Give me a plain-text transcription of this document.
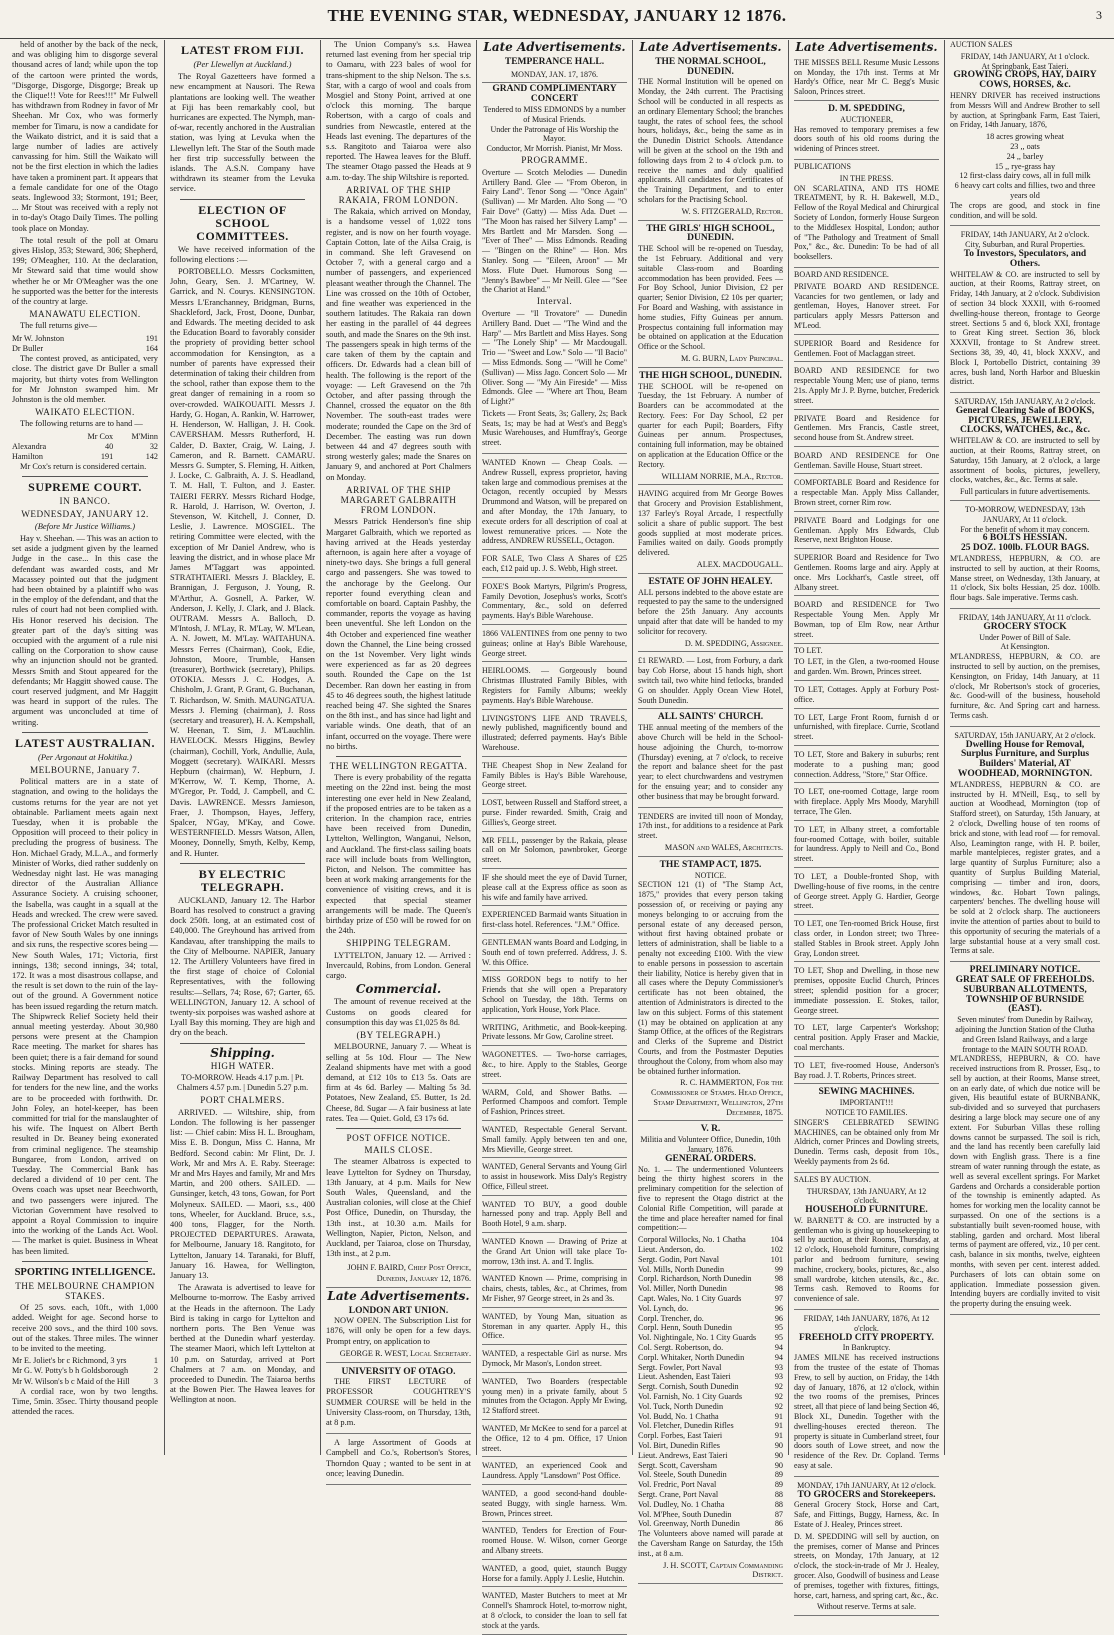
THE EVENING STAR, WEDNESDAY, JANUARY 12 1876.	3
held of another by the back of the neck, and was obliging him to disgorge several thousand acres of land; while upon the top of the cartoon were printed the words, "Disgorge, Disgorge, Disgorge; Break up the Clique!!! Vote for Rees!!!" Mr Fulwell has withdrawn from Rodney in favor of Mr Sheehan. Mr Cox, who was formerly member for Timaru, is now a candidate for the Waikato district, and it is said that a large number of ladies are actively canvassing for him. Still the Waikato will not be the first election in which the ladies have taken a prominent part. It appears that a female candidate for one of the Otago seats. Inglewood 33; Stormont, 191; Beer, ... Mr Stout was received with a reply not in to-day's Otago Daily Times. The polling took place on Monday.
The total result of the poll at Omaru gives Hislop, 353; Steward, 306; Shepherd, 199; O'Meagher, 110. At the declaration, Mr Steward said that time would show whether he or Mr O'Meagher was the one he supported was the better for the interests of the country at large.
MANAWATU ELECTION.
The full returns give—
Mr W. Johnston	191
Dr Buller	164
The contest proved, as anticipated, very close. The district gave Dr Buller a small majority, but thirty votes from Wellington for Mr Johnston swamped him. Mr Johnston is the old member.
WAIKATO ELECTION.
The following returns are to hand —
	Mr Cox	M'Minn
Alexandra	40	32
Hamilton	191	142
Mr Cox's return is considered certain.
SUPREME COURT.
IN BANCO.
WEDNESDAY, JANUARY 12.
(Before Mr Justice Williams.)
Hay v. Sheehan. — This was an action to set aside a judgment given by the learned Judge in the case... In this case the defendant was awarded costs, and Mr Macassey pointed out that the judgment had been obtained by a plaintiff who was in the employ of the defendant, and that the rules of court had not been complied with. His Honor reserved his decision. The greater part of the day's sitting was occupied with the argument of a rule nisi calling on the Corporation to show cause why an injunction should not be granted. Messrs Smith and Stout appeared for the defendants; Mr Haggitt showed cause. The court reserved judgment, and Mr Haggitt was heard in support of the rules. The argument was unconcluded at time of writing.
LATEST AUSTRALIAN.
(Per Argonaut at Hokitika.)
MELBOURNE, January 7.
Political matters are in a state of stagnation, and owing to the holidays the customs returns for the year are not yet obtainable. Parliament meets again next Tuesday, when it is probable the Opposition will proceed to their policy in precluding the progress of business. The Hon. Michael Grady, M.L.A., and formerly Minister of Works, died rather suddenly on Wednesday night last. He was managing director of the Australian Alliance Assurance Society. A cruising schooner, the Isabella, was caught in a squall at the Heads and wrecked. The crew were saved. The professional Cricket Match resulted in favor of New South Wales by one innings and six runs, the respective scores being — New South Wales, 171; Victoria, first innings, 138; second innings, 34; total, 172. It was a most disastrous collapse, and the result is set down to the ruin of the lay-out of the ground. A Government notice has been issued regarding the return match. The Shipwreck Relief Society held their annual meeting yesterday. About 30,980 persons were present at the Champion Race meeting. The market for shares has been quiet; there is a fair demand for sound stocks. Mining reports are steady. The Railway Department has resolved to call for tenders for the new line, and the works are to be proceeded with forthwith. Dr. John Foley, an hotel-keeper, has been committed for trial for the manslaughter of his wife. The Inquest on Albert Berth resulted in Dr. Beaney being exonerated from criminal negligence. The steamship Bungaree, from London, arrived on Tuesday. The Commercial Bank has declared a dividend of 10 per cent. The Ovens coach was upset near Beechworth, and two passengers were injured. The Victorian Government have resolved to appoint a Royal Commission to inquire into the working of the Lands Act. Wool. — The market is quiet. Business in Wheat has been limited.
SPORTING INTELLIGENCE.
THE MELBOURNE CHAMPION STAKES.
Of 25 sovs. each, 10ft., with 1,000 added. Weight for age. Second horse to receive 200 sovs., and the third 100 sovs. out of the stakes. Three miles. The winner to be invited to the meeting.
Mr E. Joliet's br c Richmond, 3 yrs	1
Mr G. W. Potty's b h Goldsborough	2
Mr W. Wilson's b c Maid of the Hill	3
A cordial race, won by two lengths. Time, 5min. 35sec. Thirty thousand people attended the races.
LATEST FROM FIJI.
(Per Llewellyn at Auckland.)
The Royal Gazetteers have formed a new encampment at Nausori. The Rewa plantations are looking well. The weather at Fiji has been remarkably cool, but hurricanes are expected. The Nymph, man-of-war, recently anchored in the Australian station, was lying at Levuka when the Llewellyn left. The Star of the South made her first trip successfully between the islands. The A.S.N. Company have withdrawn its steamer from the Levuka service.
ELECTION OF SCHOOL COMMITTEES.
We have received information of the following elections :—
PORTOBELLO. Messrs Cocksmitten, John, Geary, Sen. J. M'Cartney, W. Garrick, and N. Courys. KENSINGTON. Messrs L'Eranchanney, Bridgman, Burns, Shackleford, Jack, Frost, Doone, Dunbar, and Edwards. The meeting decided to ask the Education Board to favorably consider the propriety of providing better school accommodation for Kensington, as a number of parents have expressed their determination of taking their children from the school, rather than expose them to the great danger of remaining in a room so over-crowded. WAIKOUAITI. Messrs J. Hardy, G. Hogan, A. Rankin, W. Harrower, H. Henderson, W. Halligan, J. H. Cook. CAVERSHAM. Messrs Rutherford, H. Calder, D. Baxter, Craig, W. Laing, J. Cameron, and R. Barnett. CAMARU. Messrs G. Sumpter, S. Fleming, H. Aitken, J. Locke, C. Galbraith, A. J. S. Headland, T. M. Hall, T. Fulton, and J. Easter. TAIERI FERRY. Messrs Richard Hodge, R. Harold, J. Harrison, W. Overton, J. Stevenson, W. Kitchell, J. Conner, D. Leslie, J. Lawrence. MOSGIEL. The retiring Committee were elected, with the exception of Mr Daniel Andrew, who is leaving the district, and in whose place Mr James M'Taggart was appointed. STRATHTAIERI. Messrs J. Blackley, E. Brannigan, J. Ferguson, J. Young, R. M'Arthur, A. Gosnell, A. Parker, W. Anderson, J. Kelly, J. Clark, and J. Black. OUTRAM. Messrs A. Balloch, D. M'Intosh, J. M'Lay, R. M'Lay, W. M'Lean, A. N. Jowett, M. M'Lay. WAITAHUNA. Messrs Ferres (Chairman), Cook, Edie, Johnston, Moore, Trumble, Hansen (treasurer), Borthwick (secretary), Philips. OTOKIA. Messrs J. C. Hodges, A. Chisholm, J. Grant, P. Grant, G. Buchanan, T. Richardson, W. Smith. MAUNGATUA. Messrs J. Fleming (chairman), J. Ross (secretary and treasurer), H. A. Kempshall, W. Heenan, T. Sim, J. M'Lauchlin. HAVELOCK. Messrs Higgins, Bewley (chairman), Cochill, York, Andullie, Aula, Moggett (secretary). WAIKARI. Messrs Hepburn (chairman), W. Hepburn, J. M'Kerrow, W. T. Kemp, Thorne, A. M'Gregor, Pr. Todd, J. Campbell, and C. Davis. LAWRENCE. Messrs Jamieson, Fraer, J. Thompson, Hayes, Jeffery, Spalcer, N'Gay, M'Kay, and Cowe. WESTERNFIELD. Messrs Watson, Allen, Mooney, Donnelly, Smyth, Kelby, Kemp, and R. Hunter.
BY ELECTRIC TELEGRAPH.
AUCKLAND, January 12. The Harbor Board has resolved to construct a graving dock 250ft. long, at an estimated cost of £40,000. The Greyhound has arrived from Kandavau, after transhipping the mails to the City of Melbourne. NAPIER, January 12. The Artillery Volunteers have fired in the first stage of choice of Colonial Representatives, with the following results:—Sellars, 74; Rose, 67; Garter, 65. WELLINGTON, January 12. A school of twenty-six porpoises was washed ashore at Lyall Bay this morning. They are high and dry on the beach.
Shipping.
HIGH WATER.
TO-MORROW. Heads 4.17 p.m. | Pt. Chalmers 4.57 p.m. | Dunedin 5.27 p.m.
PORT CHALMERS.
ARRIVED. — Wiltshire, ship, from London. The following is her passenger list: — Chief cabin: Miss H. L. Brougham, Miss E. B. Dongun, Miss C. Hanna, Mr Bedford. Second cabin: Mr Flint, Dr. J. Work, Mr and Mrs A. E. Raby. Steerage: Mr and Mrs Hayes and family, Mr and Mrs Martin, and 200 others. SAILED. — Gunsinger, ketch, 43 tons, Gowan, for Port Molyneux. SAILED. — Maori, s.s., 400 tons, Wheeler, for Auckland. Bruce, s.s., 400 tons, Flagger, for the North. PROJECTED DEPARTURES. Arawata, for Melbourne, January 18. Rangitoto, for Lyttelton, January 14. Taranaki, for Bluff, January 16. Hawea, for Wellington, January 13.
The Arawata is advertised to leave for Melbourne to-morrow. The Easby arrived at the Heads in the afternoon. The Lady Bird is taking in cargo for Lyttelton and northern ports. The Ben Venue was berthed at the Dunedin wharf yesterday. The steamer Maori, which left Lyttelton at 10 p.m. on Saturday, arrived at Port Chalmers at 7 a.m. on Monday, and proceeded to Dunedin. The Taiaroa berths at the Bowen Pier. The Hawea leaves for Wellington at noon.
The Union Company's s.s. Hawea returned last evening from her special trip to Oamaru, with 223 bales of wool for trans-shipment to the ship Nelson. The s.s. Star, with a cargo of wool and coals from Mosgiel and Stony Point, arrived at one o'clock this morning. The barque Robertson, with a cargo of coals and sundries from Newcastle, entered at the Heads last evening. The departures of the s.s. Rangitoto and Taiaroa were also reported. The Hawea leaves for the Bluff. The steamer Otago passed the Heads at 9 a.m. to-day. The ship Wiltshire is reported.
ARRIVAL OF THE SHIP RAKAIA, FROM LONDON.
The Rakaia, which arrived on Monday, is a handsome vessel of 1,022 tons register, and is now on her fourth voyage. Captain Cotton, late of the Ailsa Craig, is in command. She left Gravesend on October 7, with a general cargo and a number of passengers, and experienced pleasant weather through the Channel. The Line was crossed on the 10th of October, and fine weather was experienced in the southern latitudes. The Rakaia ran down her easting in the parallel of 44 degrees south, and made the Snares on the 9th inst. The passengers speak in high terms of the care taken of them by the captain and officers. Dr. Edwards had a clean bill of health. The following is the report of the voyage: — Left Gravesend on the 7th October, and after passing through the Channel, crossed the equator on the 8th November. The south-east trades were moderate; rounded the Cape on the 3rd of December. The easting was run down between 44 and 47 degrees south with strong westerly gales; made the Snares on January 9, and anchored at Port Chalmers on Monday.
ARRIVAL OF THE SHIP MARGARET GALBRAITH FROM LONDON.
Messrs Patrick Henderson's fine ship Margaret Galbraith, which we reported as having arrived at the Heads yesterday afternoon, is again here after a voyage of ninety-two days. She brings a full general cargo and passengers. She was towed to the anchorage by the Geelong. Our reporter found everything clean and comfortable on board. Captain Pashby, the commander, reports the voyage as having been uneventful. She left London on the 4th October and experienced fine weather down the Channel, the Line being crossed on the 1st November. Very light winds were experienced as far as 20 degrees south. Rounded the Cape on the 1st December. Ran down her easting in from 45 to 46 degrees south, the highest latitude reached being 47. She sighted the Snares on the 8th inst., and has since had light and variable winds. One death, that of an infant, occurred on the voyage. There were no births.
THE WELLINGTON REGATTA.
There is every probability of the regatta meeting on the 22nd inst. being the most interesting one ever held in New Zealand, if the proposed entries are to be taken as a criterion. In the champion race, entries have been received from Dunedin, Lyttelton, Wellington, Wanganui, Nelson, and Auckland. The first-class sailing boats race will include boats from Wellington, Picton, and Nelson. The committee has been at work making arrangements for the convenience of visiting crews, and it is expected that special steamer arrangements will be made. The Queen's birthday prize of £50 will be rowed for on the 24th.
SHIPPING TELEGRAM.
LYTTELTON, January 12. — Arrived : Invercauld, Robins, from London. General cargo.
Commercial.
The amount of revenue received at the Customs on goods cleared for consumption this day was £1,025 8s 8d.
(BY TELEGRAPH.)
MELBOURNE, January 7. — Wheat is selling at 5s 10d. Flour — The New Zealand shipments have met with a good demand, at £12 10s to £13 5s. Oats are firm at 4s 6d. Barley — Malting 5s 3d. Potatoes, New Zealand, £5. Butter, 1s 2d. Cheese, 8d. Sugar — A fair business at late rates. Tea — Quiet. Gold, £3 17s 6d.
POST OFFICE NOTICE.
MAILS CLOSE.
The steamer Albatross is expected to leave Lyttelton for Sydney on Thursday, 13th January, at 4 p.m. Mails for New South Wales, Queensland, and the Australian colonies, will close at the Chief Post Office, Dunedin, on Thursday, the 13th inst., at 10.30 a.m. Mails for Wellington, Napier, Picton, Nelson, and Auckland, per Taiaroa, close on Thursday, 13th inst., at 2 p.m.
JOHN F. BAIRD, Chief Post Office, Dunedin, January 12, 1876.
Late Advertisements.
LONDON ART UNION.
NOW OPEN. The Subscription List for 1876, will only be open for a few days. Prompt entry, on application to
GEORGE R. WEST, Local Secretary.
UNIVERSITY OF OTAGO.
THE FIRST LECTURE of PROFESSOR COUGHTREY'S SUMMER COURSE will be held in the University Class-room, on Thursday, 13th, at 8 p.m.
A large Assortment of Goods at Campbell and Co.'s, Robertson's Stores, Thorndon Quay ; wanted to be sent in at once; leaving Dunedin.
Late Advertisements.
TEMPERANCE HALL.
MONDAY, JAN. 17, 1876.
GRAND COMPLIMENTARY CONCERT
Tendered to MISS EDMONDS by a number of Musical Friends.
Under the Patronage of His Worship the Mayor.
Conductor, Mr Morrish. Pianist, Mr Moss.
PROGRAMME.
Overture — Scotch Melodies — Dunedin Artillery Band. Glee — "From Oberon, in Fairy Land". Tenor Song — "Once Again" (Sullivan) — Mr Marden. Alto Song — "O Fair Dove" (Gatty) — Miss Ada. Duet — "The Moon has raised her Silvery Lamp" — Mrs Bartlett and Mr Marsden. Song — "Ever of Thee" — Miss Edmonds. Reading — "Bingen on the Rhine" — Hon. Mrs Stanley. Song — "Eileen, Aroon" — Mr Moss. Flute Duet. Humorous Song — "Jenny's Bawbee" — Mr Neill. Glee — "See the Chariot at Hand."
Interval.
Overture — "Il Trovatore" — Dunedin Artillery Band. Duet — "The Wind and the Harp" — Mrs Bartlett and Miss Hayes. Song — "The Lonely Ship" — Mr Macdougall. Trio — "Sweet and Low." Solo — "Il Bacio" — Miss Edmonds. Song — "Will he Come" (Sullivan) — Miss Jago. Concert Solo — Mr Oliver. Song — "My Ain Fireside" — Miss Edmonds. Glee — "Where art Thou, Beam of Light?"
Tickets — Front Seats, 3s; Gallery, 2s; Back Seats, 1s; may be had at West's and Begg's Music Warehouses, and Humffray's, George street.
WANTED Known — Cheap Coals. — Andrew Russell, express proprietor, having taken large and commodious premises at the Octagon, recently occupied by Messrs Drummond and Watson, will be prepared on and after Monday, the 17th January, to execute orders for all description of coal at lowest remunerative prices. — Note the address, ANDREW RUSSELL, Octagon.
FOR SALE, Two Class A Shares of £25 each, £12 paid up. J. S. Webb, High street.
FOXE'S Book Martyrs, Pilgrim's Progress, Family Devotion, Josephus's works, Scott's Commentary, &c., sold on deferred payments. Hay's Bible Warehouse.
1866 VALENTINES from one penny to two guineas; online at Hay's Bible Warehouse, George street.
HEIRLOOMS. — Gorgeously bound Christmas Illustrated Family Bibles, with Registers for Family Albums; weekly payments. Hay's Bible Warehouse.
LIVINGSTON'S LIFE AND TRAVELS, newly published, magnificently bound and illustrated; deferred payments. Hay's Bible Warehouse.
THE Cheapest Shop in New Zealand for Family Bibles is Hay's Bible Warehouse, George street.
LOST, between Russell and Stafford street, a purse. Finder rewarded. Smith, Craig and Gillies's, George street.
MR FELL, passenger by the Rakaia, please call on Mr Solomon, pawnbroker, George street.
IF she should meet the eye of David Turner, please call at the Express office as soon as his wife and family have arrived.
EXPERIENCED Barmaid wants Situation in first-class hotel. References. "J.M." Office.
GENTLEMAN wants Board and Lodging, in South end of town preferred. Address, J. S. W. this Office.
MISS GORDON begs to notify to her Friends that she will open a Preparatory School on Tuesday, the 18th. Terms on application, York House, York Place.
WRITING, Arithmetic, and Book-keeping. Private lessons. Mr Gow, Caroline street.
WAGONETTES. — Two-horse carriages, &c., to hire. Apply to the Stables, George street.
WARM, Cold, and Shower Baths. — Performed Champoos and comfort. Temple of Fashion, Princes street.
WANTED, Respectable General Servant. Small family. Apply between ten and one, Mrs Mieville, George street.
WANTED, General Servants and Young Girl to assist in housework. Miss Daly's Registry Office, Filleul street.
WANTED TO BUY, a good double harnessed pony and trap. Apply Bell and Booth Hotel, 9 a.m. sharp.
WANTED Known — Drawing of Prize at the Grand Art Union will take place To-morrow, 13th inst. A. and T. Inglis.
WANTED Known — Prime, comprising in chairs, chests, tables, &c., at Chrimes, from Mr Fisher, 97 George street, in 2s and 3s.
WANTED, by Young Man, situation as Storeman in any quarter. Apply H., this Office.
WANTED, a respectable Girl as nurse. Mrs Dymock, Mr Mason's, London street.
WANTED, Two Boarders (respectable young men) in a private family, about 5 minutes from the Octagon. Apply Mr Ewing, 12 Stafford street.
WANTED, Mr McKee to send for a parcel at the Office, 12 to 4 pm. Office, 17 Union street.
WANTED, an experienced Cook and Laundress. Apply "Lansdown" Post Office.
WANTED, a good second-hand double-seated Buggy, with single harness. Wm. Brown, Princes street.
WANTED, Tenders for Erection of Four-roomed House. W. Wilson, corner George and Albany streets.
WANTED, a good, quiet, staunch Buggy Horse for a family. Apply J. Leslie, Hutchin.
WANTED, Master Butchers to meet at Mr Connell's Shamrock Hotel, to-morrow night, at 8 o'clock, to consider the loan to sell fat stock at the yards.
Late Advertisements.
THE NORMAL SCHOOL, DUNEDIN.
THE Normal Institution will be opened on Monday, the 24th current. The Practising School will be conducted in all respects as an ordinary Elementary School; the branches taught, the rates of school fees, the school hours, holidays, &c., being the same as in the Dunedin District Schools. Attendance will be given at the school on the 19th and following days from 2 to 4 o'clock p.m. to receive the names and duly qualified applicants. All candidates for Certificates of the Training Department, and to enter scholars for the Practising School.
W. S. FITZGERALD, Rector.
THE GIRLS' HIGH SCHOOL, DUNEDIN.
THE School will be re-opened on Tuesday, the 1st February. Additional and very suitable Class-room and Boarding accommodation has been provided. Fees — For Boy School, Junior Division, £2 per quarter; Senior Division, £2 10s per quarter; For Board and Washing, with assistance in home studies, Fifty Guineas per annum. Prospectus containing full information may be obtained on application at the Education Office or the School.
M. G. BURN, Lady Principal.
THE HIGH SCHOOL, DUNEDIN.
THE SCHOOL will be re-opened on Tuesday, the 1st February. A number of Boarders can be accommodated at the Rectory. Fees: For Day School, £2 per quarter for each Pupil; Boarders, Fifty Guineas per annum. Prospectuses, containing full information, may be obtained on application at the Education Office or the Rectory.
WILLIAM NORRIE, M.A., Rector.
HAVING acquired from Mr George Bowes that Grocery and Provision Establishment, 137 Farley's Royal Arcade, I respectfully solicit a share of public support. The best goods supplied at most moderate prices. Families waited on daily. Goods promptly delivered.
ALEX. MACDOUGALL.
ESTATE OF JOHN HEALEY.
ALL persons indebted to the above estate are requested to pay the same to the undersigned before the 25th January. Any accounts unpaid after that date will be handed to my solicitor for recovery.
D. M. SPEDDING, Assignee.
£1 REWARD. — Lost, from Forbury, a dark bay Cob Horse, about 15 hands high, short switch tail, two white hind fetlocks, branded G on shoulder. Apply Ocean View Hotel, South Dunedin.
ALL SAINTS' CHURCH.
THE annual meeting of the members of the above Church will be held in the School-house adjoining the Church, to-morrow (Thursday) evening, at 7 o'clock, to receive the report and balance sheet for the past year; to elect churchwardens and vestrymen for the ensuing year; and to consider any other business that may be brought forward.
TENDERS are invited till noon of Monday, 17th inst., for additions to a residence at Park street.
MASON and WALES, Architects.
THE STAMP ACT, 1875.
NOTICE.
SECTION 121 (1) of "The Stamp Act, 1875," provides that every person taking possession of, or receiving or paying any moneys belonging to or accruing from the personal estate of any deceased person, without first having obtained probate or letters of administration, shall be liable to a penalty not exceeding £100. With the view to enable persons in possession to ascertain their liability, Notice is hereby given that in all cases where the Deputy Commissioner's certificate has not been obtained, the attention of Administrators is directed to the law on this subject. Forms of this statement (1) may be obtained on application at any Stamp Office, at the offices of the Registrars and Clerks of the Supreme and District Courts, and from the Postmaster Deputies throughout the Colony, from whom also may be obtained further information.
R. C. HAMMERTON, For the Commissioner of Stamps. Head Office, Stamp Department, Wellington, 27th December, 1875.
V. R.
Militia and Volunteer Office, Dunedin, 10th January, 1876.
GENERAL ORDERS.
No. 1. — The undermentioned Volunteers being the thirty highest scorers in the preliminary competition for the selection of five to represent the Otago district at the Colonial Rifle Competition, will parade at the time and place hereafter named for final competition:—
Corporal Willocks, No. 1 Chatha	104
Lieut. Anderson, do.	102
Sergt. Godin, Port Naval	101
Vol. Mills, North Dunedin	99
Corpl. Richardson, North Dunedin	98
Vol. Miller, North Dunedin	98
Capt. Wales, No. 1 City Guards	97
Vol. Lynch, do.	96
Corpl. Trencher, do.	96
Corpl. Henn, South Dunedin	95
Vol. Nightingale, No. 1 City Guards	95
Col. Sergt. Robertson, do.	94
Corpl. Whitaker, North Dunedin	94
Sergt. Fowler, Port Naval	93
Lieut. Ashenden, East Taieri	93
Sergt. Cornish, South Dunedin	92
Vol. Farnish, No. 1 City Guards	92
Vol. Tuck, North Dunedin	92
Vol. Budd, No. 1 Chatha	91
Vol. Fletcher, Dunedin Rifles	91
Corpl. Forbes, East Taieri	91
Vol. Birt, Dunedin Rifles	90
Lieut. Andrews, East Taieri	90
Sergt. Scott, Caversham	90
Vol. Steele, South Dunedin	89
Vol. Fredric, Port Naval	89
Sergt. Crane, Port Naval	88
Vol. Dudley, No. 1 Chatha	88
Vol. M'Phee, South Dunedin	87
Vol. Greenway, North Dunedin	86
The Volunteers above named will parade at the Caversham Range on Saturday, the 15th inst., at 8 a.m.
J. H. SCOTT, Captain Commanding District.
Late Advertisements.
THE MISSES BELL Resume Music Lessons on Monday, the 17th inst. Terms at Mr Hardy's Office, near Mr C. Begg's Music Saloon, Princes street.
D. M. SPEDDING,
AUCTIONEER,
Has removed to temporary premises a few doors south of his old rooms during the widening of Princes street.
PUBLICATIONS
IN THE PRESS.
ON SCARLATINA, AND ITS HOME TREATMENT, by R. H. Bakewell, M.D., Fellow of the Royal Medical and Chirurgical Society of London, formerly House Surgeon to the Middlesex Hospital, London; author of "The Pathology and Treatment of Small Pox," &c., &c. Dunedin: To be had of all booksellers.
BOARD AND RESIDENCE.
PRIVATE BOARD AND RESIDENCE. Vacancies for two gentlemen, or lady and gentleman, Hoyes, Hanover street. For particulars apply Messrs Patterson and M'Leod.
SUPERIOR Board and Residence for Gentlemen. Foot of Maclaggan street.
BOARD AND RESIDENCE for two respectable Young Men; use of piano, terms 21s. Apply Mr J. P. Byrne, butcher, Frederick street.
PRIVATE Board and Residence for Gentlemen. Mrs Francis, Castle street, second house from St. Andrew street.
BOARD AND RESIDENCE for One Gentleman. Saville House, Stuart street.
COMFORTABLE Board and Residence for a respectable Man. Apply Miss Callander, Brown street, corner Rim row.
PRIVATE Board and Lodgings for one Gentleman. Apply Mrs Edwards, Club Reserve, next Brighton House.
SUPERIOR Board and Residence for Two Gentlemen. Rooms large and airy. Apply at once. Mrs Lockhart's, Castle street, off Albany street.
BOARD and RESIDENCE for Two Respectable Young Men. Apply Mr Bowman, top of Elm Row, near Arthur street.
TO LET.
TO LET, in the Glen, a two-roomed House and garden. Wm. Brown, Princes street.
TO LET, Cottages. Apply at Forbury Post-office.
TO LET, Large Front Room, furnish d or unfurnished, with fireplace. Currie, Scotland street.
TO LET, Store and Bakery in suburbs; rent moderate to a pushing man; good connection. Address, "Store," Star Office.
TO LET, one-roomed Cottage, large room with fireplace. Apply Mrs Moody, Maryhill terrace, The Glen.
TO LET, in Albany street, a comfortable four-roomed Cottage, with boiler, suitable for laundress. Apply to Neill and Co., Bond street.
TO LET, a Double-fronted Shop, with Dwelling-house of five rooms, in the centre of George street. Apply G. Hardier, George street.
TO LET, one Ten-roomed Brick House, first class order, in London street; two Three-stalled Stables in Brook street. Apply John Gray, London street.
TO LET, Shop and Dwelling, in those new premises, opposite Euclid Church, Princes street; splendid position for a grocer; immediate possession. E. Stokes, tailor, George street.
TO LET, large Carpenter's Workshop; central position. Apply Fraser and Mackie, coal merchants.
TO LET, five-roomed House, Anderson's Bay road. J. T. Roberts, Princes street.
SEWING MACHINES.
IMPORTANT!!!
NOTICE TO FAMILIES.
SINGER'S CELEBRATED SEWING MACHINES, can be obtained only from Mr Aldrich, corner Princes and Dowling streets, Dunedin. Terms cash, deposit from 10s., Weekly payments from 2s 6d.
SALES BY AUCTION.
THURSDAY, 13th JANUARY, At 12 o'clock.
HOUSEHOLD FURNITURE.
W. BARNETT & CO. are instructed by a gentleman who is giving up housekeeping to sell by auction, at their Rooms, Thursday, at 12 o'clock, Household furniture, comprising parlor and bedroom furniture, sewing machine, crockery, books, pictures, &c., also small wardrobe, kitchen utensils, &c., &c. Terms cash. Removed to Rooms for convenience of sale.
FRIDAY, 14th JANUARY, 1876, At 12 o'clock.
FREEHOLD CITY PROPERTY.
In Bankruptcy.
JAMES MILNE has received instructions from the trustee of the estate of Thomas Frew, to sell by auction, on Friday, the 14th day of January, 1876, at 12 o'clock, within the two rooms of the premises, Princes street, all that piece of land being Section 46, Block XI., Dunedin. Together with the dwelling-houses erected thereon. The property is situate in Cumberland street, four doors south of Lowe street, and now the residence of the Rev. Dr. Copland. Terms easy at sale.
MONDAY, 17th JANUARY, At 12 o'clock.
TO GROCERS and Storekeepers.
General Grocery Stock, Horse and Cart, Safe, and Fittings, Buggy, Harness, &c. In Estate of J. Healey, Princes street.
D. M. SPEDDING will sell by auction, on the premises, corner of Manse and Princes streets, on Monday, 17th January, at 12 o'clock, the stock-in-trade of Mr J. Healey, grocer. Also, Goodwill of business and Lease of premises, together with fixtures, fittings, horse, cart, harness, and spring cart, &c., &c.
Without reserve. Terms at sale.
AUCTION SALES
FRIDAY, 14th JANUARY, At 1 o'clock.
At Springbank, East Taieri.
GROWING CROPS, HAY, DAIRY COWS, HORSES, &c.
HENRY DRIVER has received instructions from Messrs Will and Andrew Brother to sell by auction, at Springbank Farm, East Taieri, on Friday, 14th January, 1876,
18 acres growing wheat
23 ,, oats
24 ,, barley
15 ,, rye-grass hay
12 first-class dairy cows, all in full milk
6 heavy cart colts and fillies, two and three years old
The crops are good, and stock in fine condition, and will be sold.
FRIDAY, 14th JANUARY, At 2 o'clock.
City, Suburban, and Rural Properties.
To Investors, Speculators, and Others.
WHITELAW & CO. are instructed to sell by auction, at their Rooms, Rattray street, on Friday, 14th January, at 2 o'clock. Subdivision of section 34 block XXXII, with 6-roomed dwelling-house thereon, frontage to George street. Sections 5 and 6, block XXI, frontage to Great King street. Section 36, block XXXVII, frontage to St Andrew street. Sections 38, 39, 40, 41, block XXXV., and Block I, Portobello District, containing 39 acres, bush land, North Harbor and Blueskin district.
SATURDAY, 15th JANUARY, At 2 o'clock.
General Clearing Sale of BOOKS, PICTURES, JEWELLERY, CLOCKS, WATCHES, &c., &c.
WHITELAW & CO. are instructed to sell by auction, at their Rooms, Rattray street, on Saturday, 15th January, at 2 o'clock, a large assortment of books, pictures, jewellery, clocks, watches, &c., &c. Terms at sale.
Full particulars in future advertisements.
TO-MORROW, WEDNESDAY, 13th JANUARY, At 11 o'clock.
For the benefit of whom it may concern.
6 BOLTS HESSIAN.
25 DOZ. 100lb. FLOUR BAGS.
M'LANDRESS, HEPBURN, & CO. are instructed to sell by auction, at their Rooms, Manse street, on Wednesday, 13th January, at 11 o'clock, Six bolts Hessian, 25 doz. 100lb. flour bags. Sale imperative. Terms cash.
FRIDAY, 14th JANUARY, At 11 o'clock.
GROCERY STOCK
Under Power of Bill of Sale.
At Kensington.
M'LANDRESS, HEPBURN, & CO. are instructed to sell by auction, on the premises, Kensington, on Friday, 14th January, at 11 o'clock, Mr Robertson's stock of groceries, &c. Good-will of the business, household furniture, &c. And Spring cart and harness. Terms cash.
SATURDAY, 15th JANUARY, At 2 o'clock.
Dwelling House for Removal, Surplus Furniture, and Surplus Builders' Material, AT WOODHEAD, MORNINGTON.
M'LANDRESS, HEPBURN & CO. are instructed by H. M'Neill, Esq., to sell by auction at Woodhead, Mornington (top of Stafford street), on Saturday, 15th January, at 2 o'clock, Dwelling house of ten rooms of brick and stone, with lead roof — for removal. Also, Leamington range, with H. P. boiler, marble mantelpieces, register grates, and a large quantity of Surplus Furniture; also a quantity of Surplus Building Material, comprising — timber and iron, doors, windows, &c. Hobart Town palings, carpenters' benches. The dwelling house will be sold at 2 o'clock sharp. The auctioneers invite the attention of parties about to build to this opportunity of securing the materials of a large substantial house at a very small cost. Terms at sale.
PRELIMINARY NOTICE.
GREAT SALE OF FREEHOLDS.
SUBURBAN ALLOTMENTS,
TOWNSHIP OF BURNSIDE (EAST).
Seven minutes' from Dunedin by Railway, adjoining the Junction Station of the Clutha and Green Island Railways, and a large frontage to the MAIN SOUTH ROAD.
M'LANDRESS, HEPBURN, & CO. have received instructions from R. Prosser, Esq., to sell by auction, at their Rooms, Manse street, on an early date, of which due notice will be given, His beautiful estate of BURNBANK, sub-divided and so surveyed that purchasers desiring a large block may secure one of any extent. For Suburban Villas these rolling downs cannot be surpassed. The soil is rich, and the land has recently been carefully laid down with English grass. There is a fine stream of water running through the estate, as well as several excellent springs. For Market Gardens and Orchards a considerable portion of the township is eminently adapted. As homes for working men the locality cannot be surpassed. On one of the sections is a substantially built seven-roomed house, with stabling, garden and orchard. Most liberal terms of payment are offered, viz., 10 per cent. cash, balance in six months, twelve, eighteen months, with seven per cent. interest added. Purchasers of lots can obtain some on application. Immediate possession given. Intending buyers are cordially invited to visit the property during the ensuing week.
